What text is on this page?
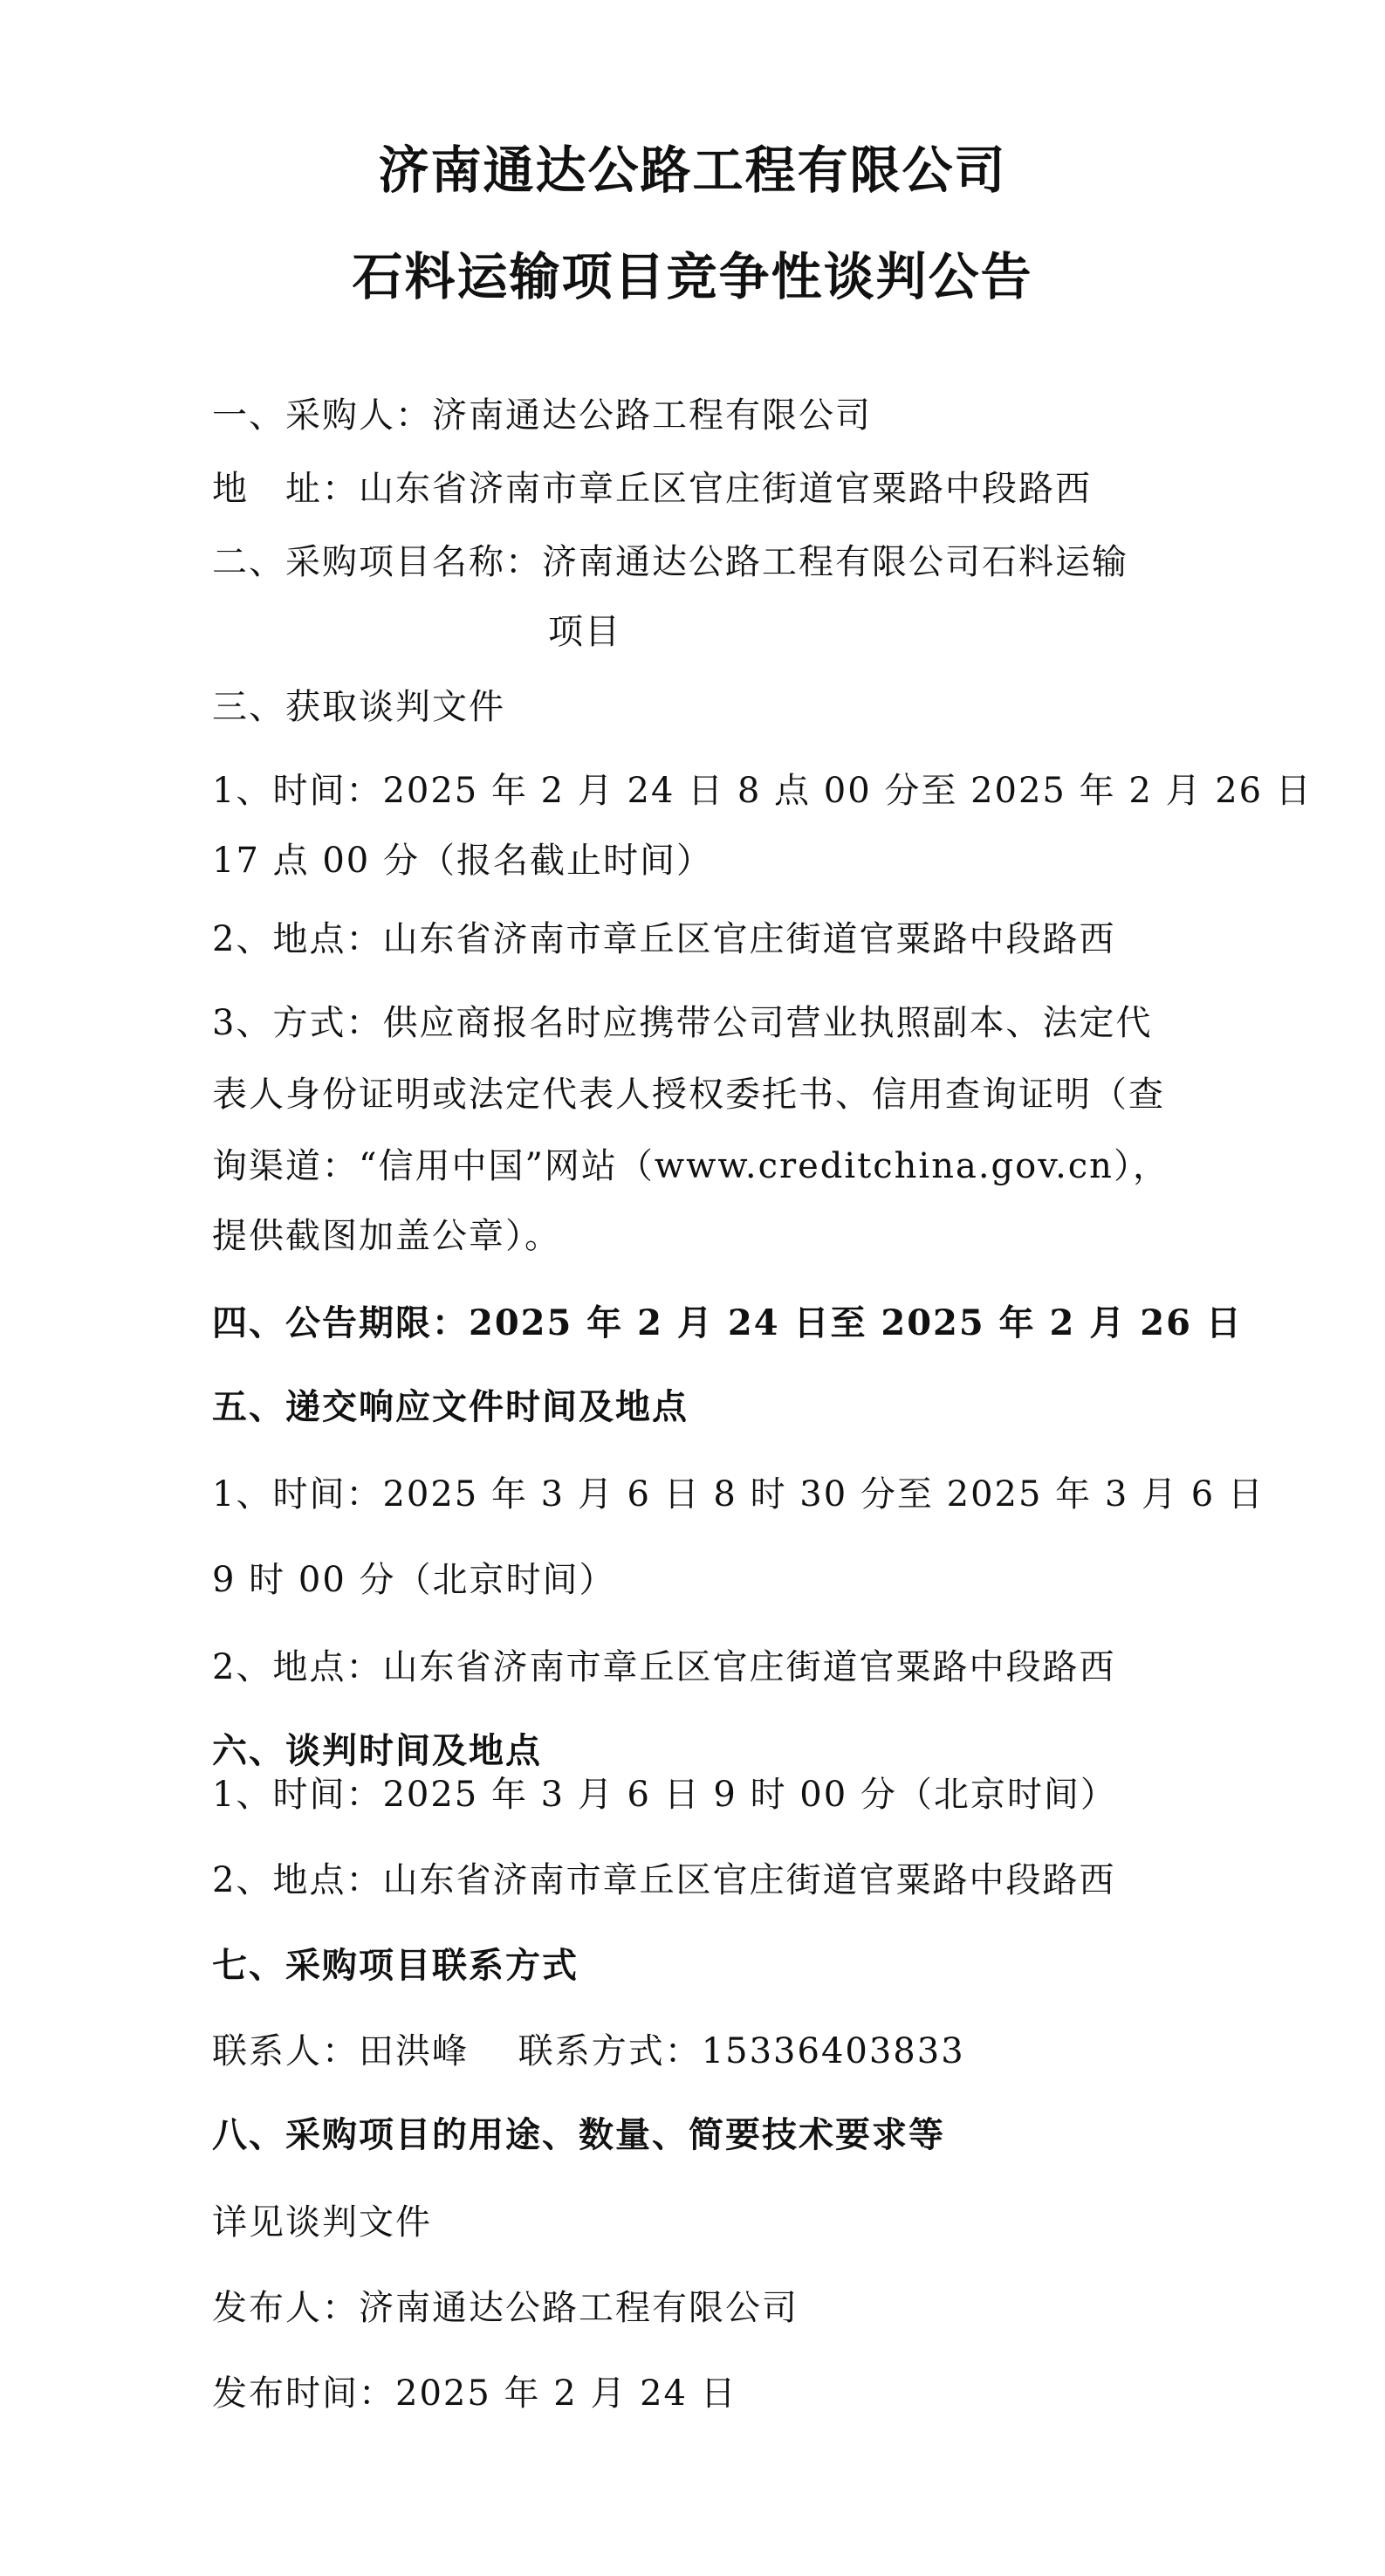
济南通达公路工程有限公司
石料运输项目竞争性谈判公告
一、采购人：济南通达公路工程有限公司
地　址：山东省济南市章丘区官庄街道官粟路中段路西
二、采购项目名称：济南通达公路工程有限公司石料运输
项目
三、获取谈判文件
1、时间：2025 年 2 月 24 日 8 点 00 分至 2025 年 2 月 26 日
17 点 00 分（报名截止时间）
2、地点：山东省济南市章丘区官庄街道官粟路中段路西
3、方式：供应商报名时应携带公司营业执照副本、法定代
表人身份证明或法定代表人授权委托书、信用查询证明（查
询渠道：“信用中国”网站（www.creditchina.gov.cn），
提供截图加盖公章）。
四、公告期限：2025 年 2 月 24 日至 2025 年 2 月 26 日
五、递交响应文件时间及地点
1、时间：2025 年 3 月 6 日 8 时 30 分至 2025 年 3 月 6 日
9 时 00 分（北京时间）
2、地点：山东省济南市章丘区官庄街道官粟路中段路西
六、谈判时间及地点
1、时间：2025 年 3 月 6 日 9 时 00 分（北京时间）
2、地点：山东省济南市章丘区官庄街道官粟路中段路西
七、采购项目联系方式
联系人：田洪峰　 联系方式：15336403833
八、采购项目的用途、数量、简要技术要求等
详见谈判文件
发布人：济南通达公路工程有限公司
发布时间：2025 年 2 月 24 日
